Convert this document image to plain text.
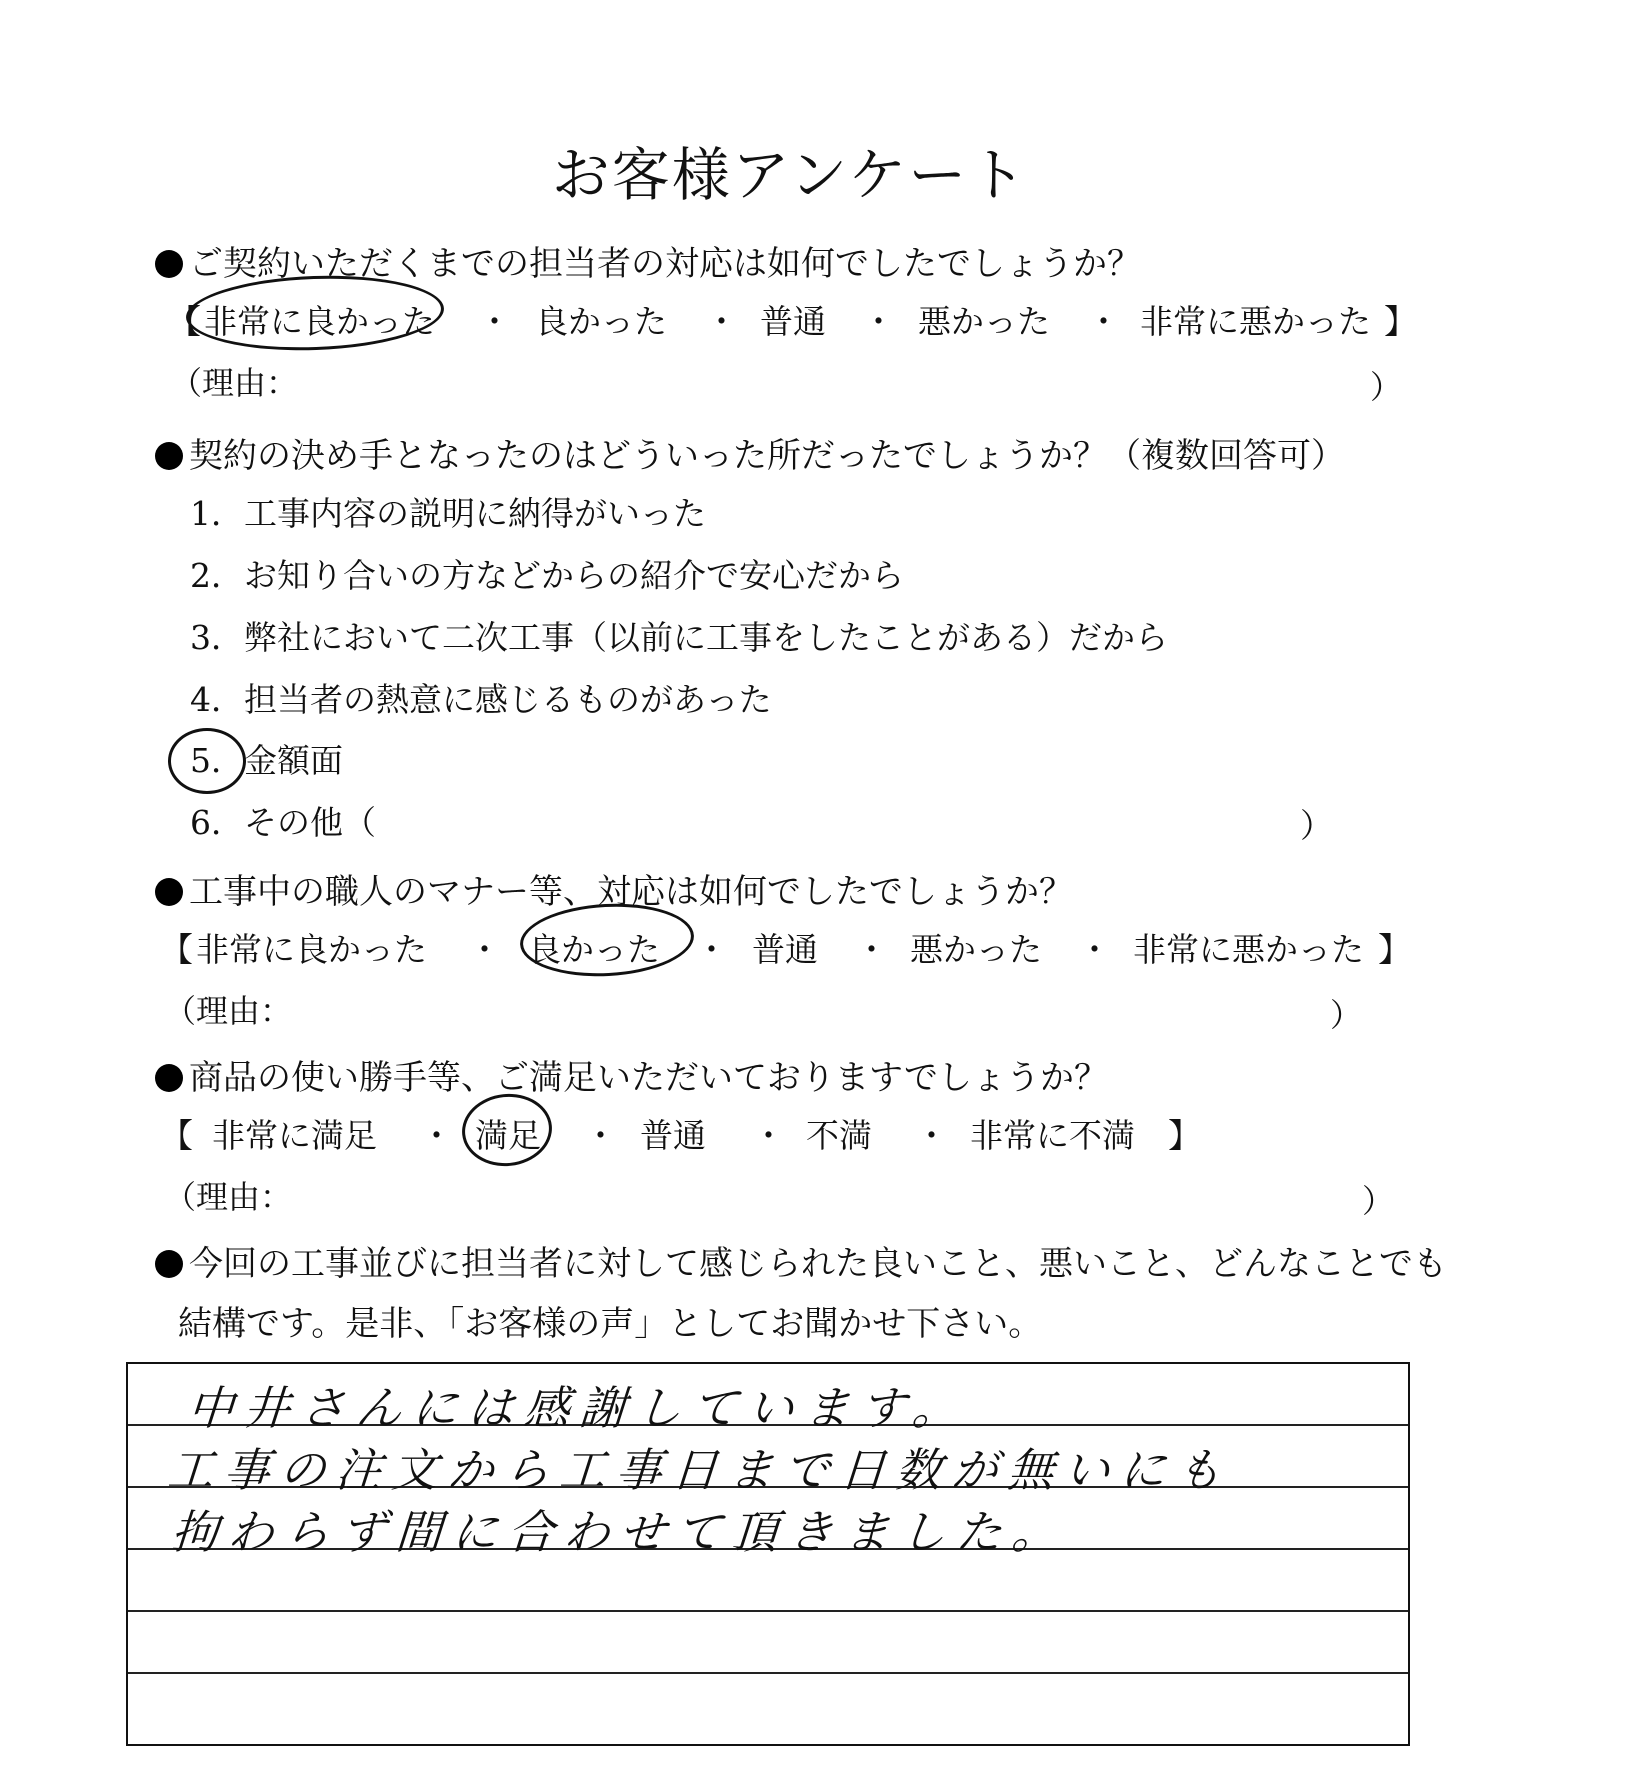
お客様アンケート
ご契約いただくまでの担当者の対応は如何でしたでしょうか？
【 非常に良かった ・ 良かった ・ 普通 ・ 悪かった ・ 非常に悪かった 】
（理由：	）
契約の決め手となったのはどういった所だったでしょうか？（複数回答可）
1．工事内容の説明に納得がいった
2．お知り合いの方などからの紹介で安心だから
3．弊社において二次工事（以前に工事をしたことがある）だから
4．担当者の熱意に感じるものがあった
5．金額面
6．その他（	）
工事中の職人のマナー等、対応は如何でしたでしょうか？
【 非常に良かった ・ 良かった ・ 普通 ・ 悪かった ・ 非常に悪かった 】
（理由：	）
商品の使い勝手等、ご満足いただいておりますでしょうか？
【 非常に満足 ・ 満足 ・ 普通 ・ 不満 ・ 非常に不満 】
（理由：	）
今回の工事並びに担当者に対して感じられた良いこと、悪いこと、どんなことでも
結構です。是非、「お客様の声」としてお聞かせ下さい。
中井さんには感謝しています。
工事の注文から工事日まで日数が無いにも
拘わらず間に合わせて頂きました。
